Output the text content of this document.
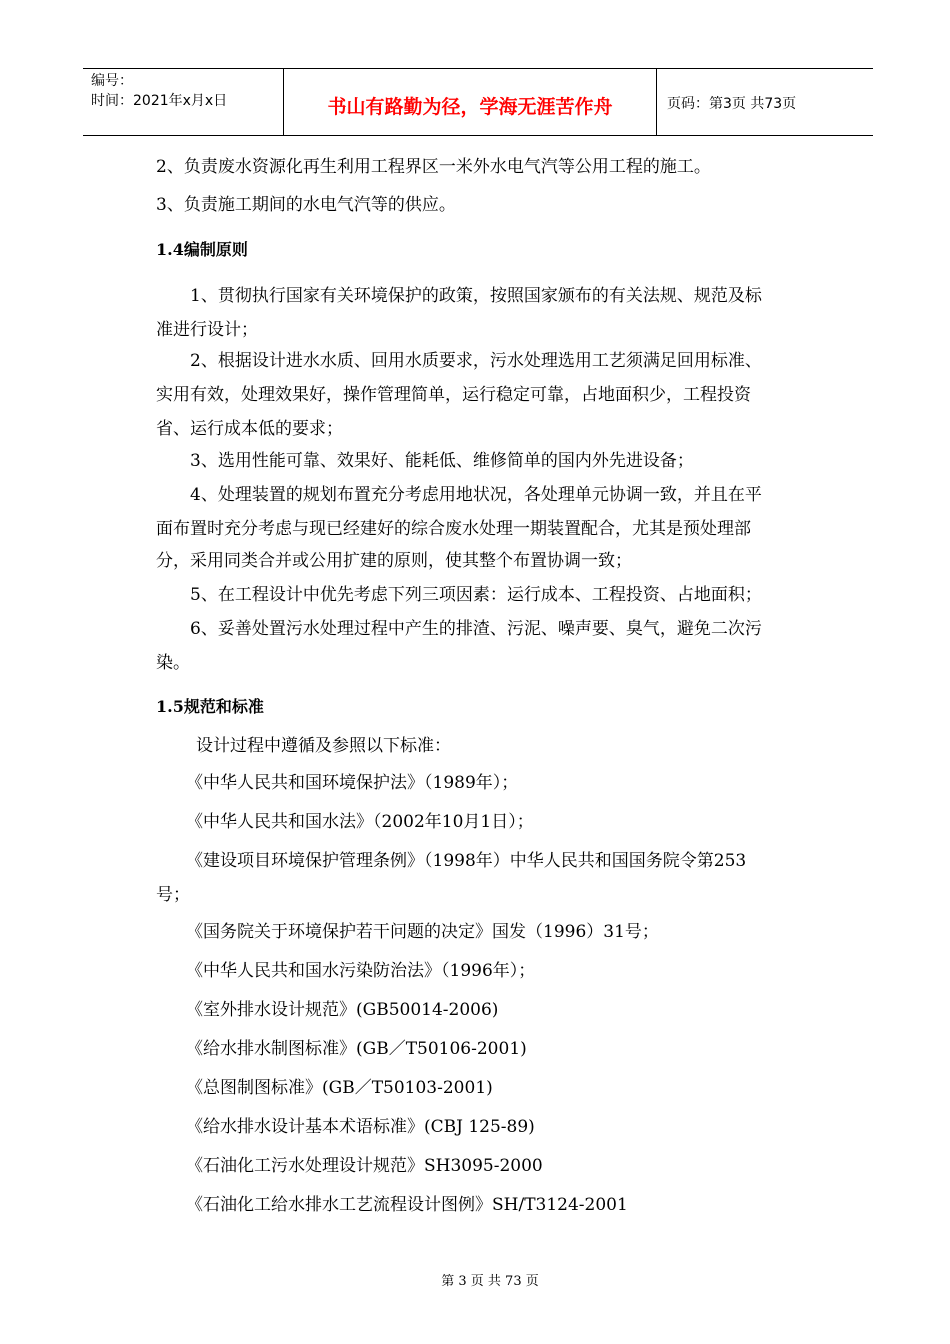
编号：
时间：2021年x月x日	书山有路勤为径，学海无涯苦作舟	页码：第3页 共73页
2、负责废水资源化再生利用工程界区一米外水电气汽等公用工程的施工。
3、负责施工期间的水电气汽等的供应。
1.4编制原则
1、贯彻执行国家有关环境保护的政策，按照国家颁布的有关法规、规范及标
准进行设计；
2、根据设计进水水质、回用水质要求，污水处理选用工艺须满足回用标准、
实用有效，处理效果好，操作管理简单，运行稳定可靠，占地面积少，工程投资
省、运行成本低的要求；
3、选用性能可靠、效果好、能耗低、维修简单的国内外先进设备；
4、处理装置的规划布置充分考虑用地状况，各处理单元协调一致，并且在平
面布置时充分考虑与现已经建好的综合废水处理一期装置配合，尤其是预处理部
分，采用同类合并或公用扩建的原则，使其整个布置协调一致；
5、在工程设计中优先考虑下列三项因素：运行成本、工程投资、占地面积；
6、妥善处置污水处理过程中产生的排渣、污泥、噪声要、臭气，避免二次污
染。
1.5规范和标准
设计过程中遵循及参照以下标准：
《中华人民共和国环境保护法》（1989年）；
《中华人民共和国水法》（2002年10月1日）；
《建设项目环境保护管理条例》（1998年）中华人民共和国国务院令第253
号；
《国务院关于环境保护若干问题的决定》国发（1996）31号；
《中华人民共和国水污染防治法》（1996年）；
《室外排水设计规范》(GB50014-2006)
《给水排水制图标准》(GB／T50106-2001)
《总图制图标准》(GB／T50103-2001)
《给水排水设计基本术语标准》(CBJ 125-89)
《石油化工污水处理设计规范》SH3095-2000
《石油化工给水排水工艺流程设计图例》SH/T3124-2001
第 3 页 共 73 页
